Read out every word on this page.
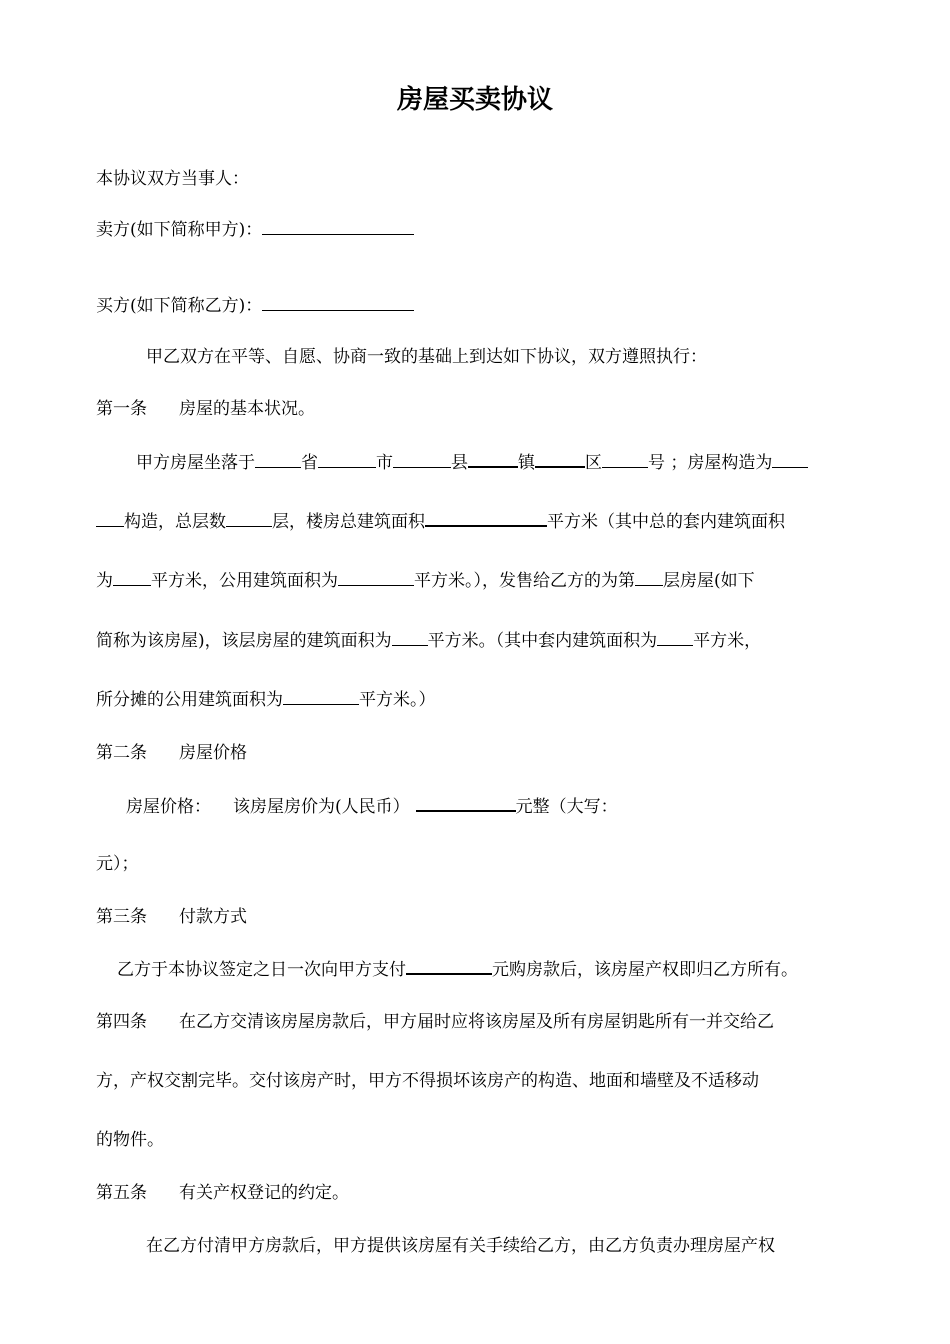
房屋买卖协议
本协议双方当事人：
卖方(如下简称甲方)：
买方(如下简称乙方)：
甲乙双方在平等、自愿、协商一致的基础上到达如下协议，双方遵照执行：
第一条 房屋的基本状况。
甲方房屋坐落于	省	市	县	镇	区	号 ；房屋构造为
构造，总层数	层，楼房总建筑面积	平方米（其中总的套内建筑面积
为 平方米，公用建筑面积为	平方米。），发售给乙方的为第 层房屋(如下
简称为该房屋)，该层房屋的建筑面积为 平方米。（其中套内建筑面积为 平方米，
所分摊的公用建筑面积为	平方米。）
第二条 房屋价格
房屋价格： 该房屋房价为(人民币）	元整（大写：
元）；
第三条 付款方式
乙方于本协议签定之日一次向甲方支付	元购房款后，该房屋产权即归乙方所有。
第四条 在乙方交清该房屋房款后，甲方届时应将该房屋及所有房屋钥匙所有一并交给乙
方，产权交割完毕。交付该房产时，甲方不得损坏该房产的构造、地面和墙壁及不适移动
的物件。
第五条 有关产权登记的约定。
在乙方付清甲方房款后，甲方提供该房屋有关手续给乙方，由乙方负责办理房屋产权
